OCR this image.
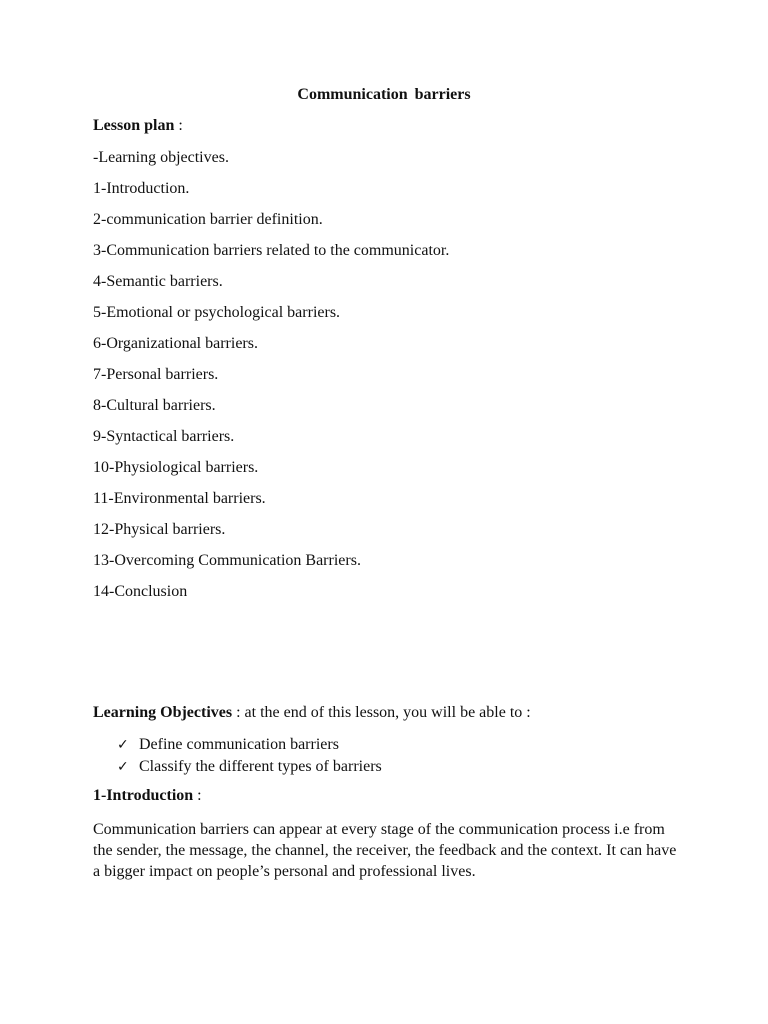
Communication barriers
Lesson plan :
-Learning objectives.
1-Introduction.
2-communication barrier definition.
3-Communication barriers related to the communicator.
4-Semantic barriers.
5-Emotional or psychological barriers.
6-Organizational barriers.
7-Personal barriers.
8-Cultural barriers.
9-Syntactical barriers.
10-Physiological barriers.
11-Environmental barriers.
12-Physical barriers.
13-Overcoming Communication Barriers.
14-Conclusion
Learning Objectives : at the end of this lesson, you will be able to :
✓ Define communication barriers
✓ Classify the different types of barriers
1-Introduction :

Communication barriers can appear at every stage of the communication process i.e from the sender, the message, the channel, the receiver, the feedback and the context. It can have a bigger impact on people’s personal and professional lives.
